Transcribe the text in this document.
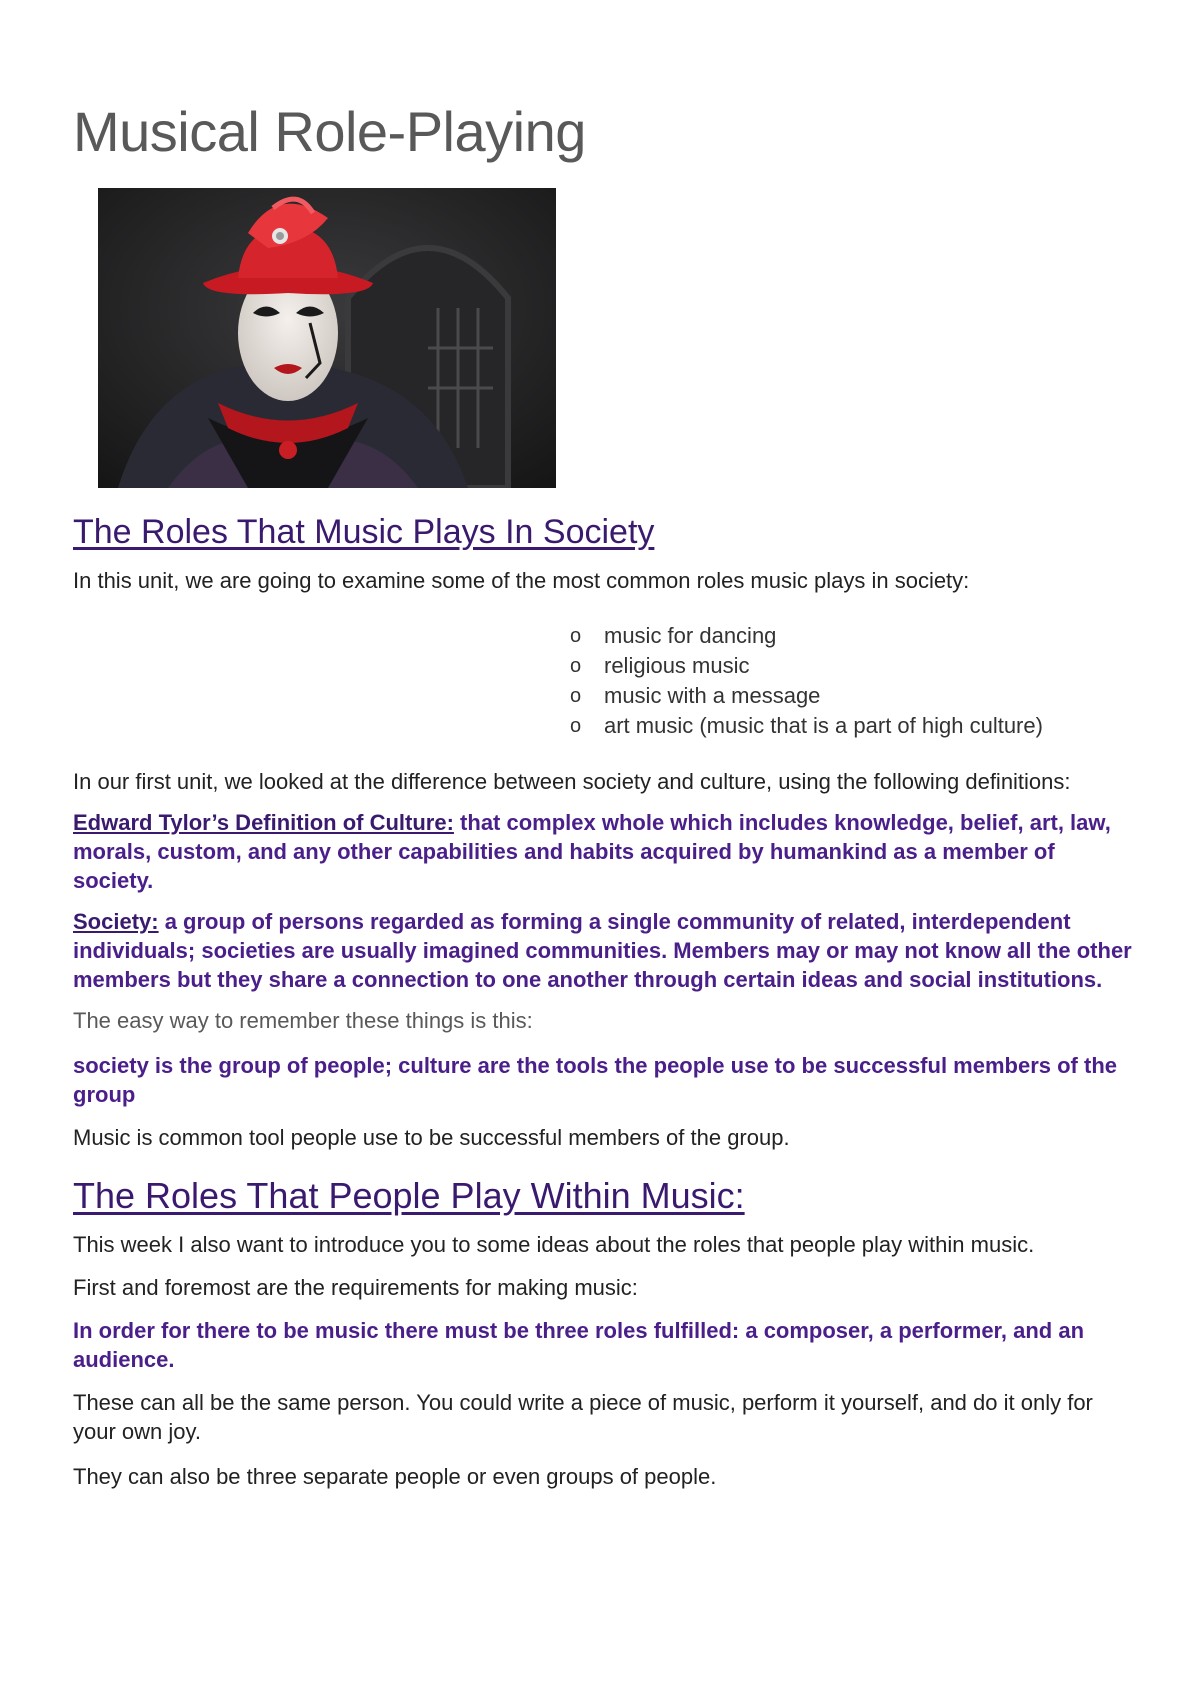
Musical Role-Playing
The Roles That Music Plays In Society

In this unit, we are going to examine some of the most common roles music plays in society:

o music for dancing
o religious music
o music with a message
o art music (music that is a part of high culture)

In our first unit, we looked at the difference between society and culture, using the following definitions:

Edward Tylor’s Definition of Culture: that complex whole which includes knowledge, belief, art, law, morals, custom, and any other capabilities and habits acquired by humankind as a member of society.

Society: a group of persons regarded as forming a single community of related, interdependent individuals; societies are usually imagined communities. Members may or may not know all the other members but they share a connection to one another through certain ideas and social institutions.

The easy way to remember these things is this:

society is the group of people; culture are the tools the people use to be successful members of the group

Music is common tool people use to be successful members of the group.

The Roles That People Play Within Music:

This week I also want to introduce you to some ideas about the roles that people play within music.

First and foremost are the requirements for making music:

In order for there to be music there must be three roles fulfilled: a composer, a performer, and an audience.

These can all be the same person. You could write a piece of music, perform it yourself, and do it only for your own joy.

They can also be three separate people or even groups of people.
